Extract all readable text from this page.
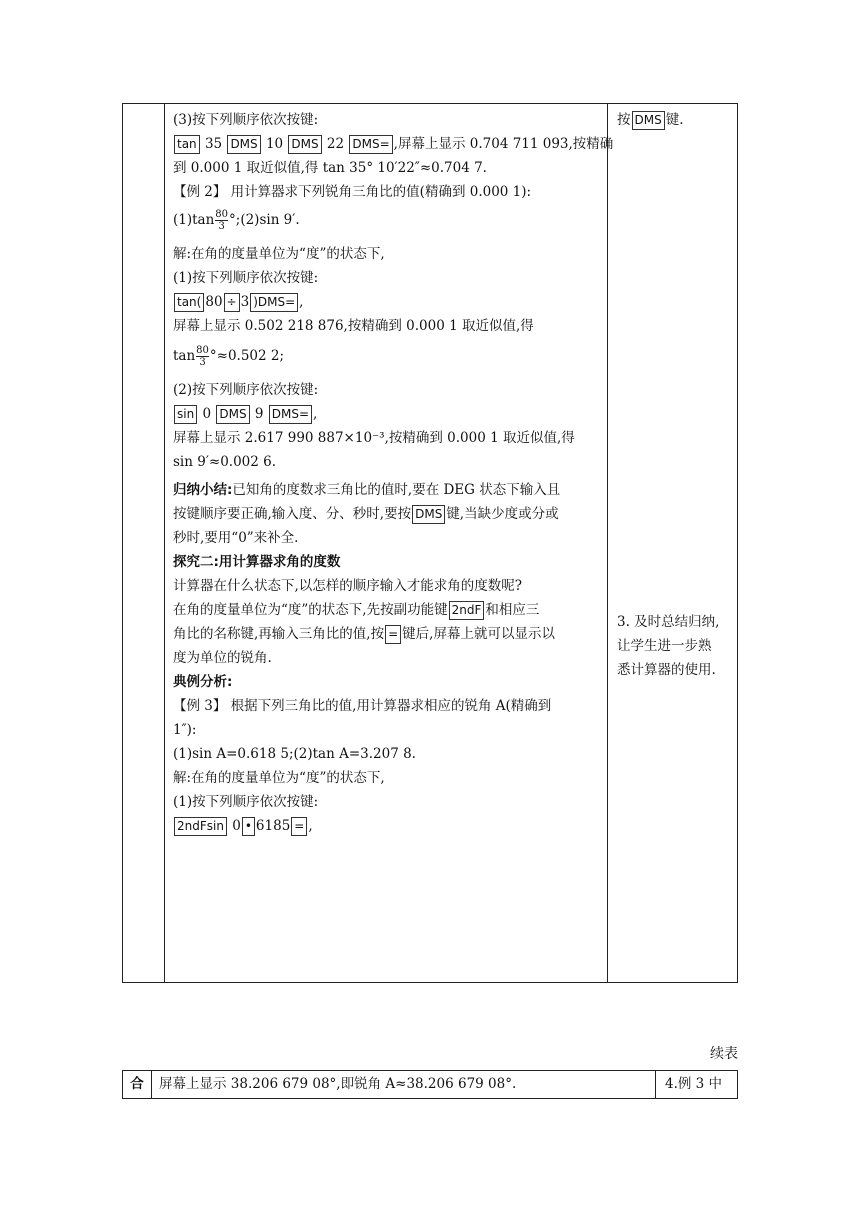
(3)按下列顺序依次按键:
tan 35 DMS 10 DMS 22 DMS= ,屏幕上显示 0.704 711 093,按精确
到 0.000 1 取近似值,得 tan 35° 10′22″≈0.704 7.
【例 2】 用计算器求下列锐角三角比的值(精确到 0.000 1):
$(1)\tan \frac{80}{3}$ °;(2)sin 9′.
解:在角的度量单位为“度”的状态下,
(1)按下列顺序依次按键:
tan( 80 ÷ 3 )DMS= ,
屏幕上显示 0.502 218 876,按精确到 0.000 1 取近似值,得
$\tan \frac{80}{3} ^\circ\approx 0.502$ 2;
(2)按下列顺序依次按键:
sin 0 DMS 9 DMS= ,
屏幕上显示 2.617 990 887×10⁻³,按精确到 0.000 1 取近似值,得
sin 9′≈0.002 6.
归纳小结:已知角的度数求三角比的值时,要在 DEG 状态下输入且
按键顺序要正确,输入度、分、秒时,要按 DMS 键,当缺少度或分或
秒时,要用“0”来补全.
探究二:用计算器求角的度数
计算器在什么状态下,以怎样的顺序输入才能求角的度数呢?
在角的度量单位为“度”的状态下,先按副功能键 2ndF 和相应三
角比的名称键,再输入三角比的值,按 = 键后,屏幕上就可以显示以
度为单位的锐角.
典例分析:
【例 3】 根据下列三角比的值,用计算器求相应的锐角 A(精确到
1″):
(1)sin A=0.618 5;(2)tan A=3.207 8.
解:在角的度量单位为“度”的状态下,
(1)按下列顺序依次按键:
2ndFsin 0 • 6185 = ,
按 DMS 键.
3. 及时总结归纳,
让学生进一步熟
悉计算器的使用.
续表
合	屏幕上显示 38.206 679 08°,即锐角 A≈38.206 679 08°.	4.例 3 中
